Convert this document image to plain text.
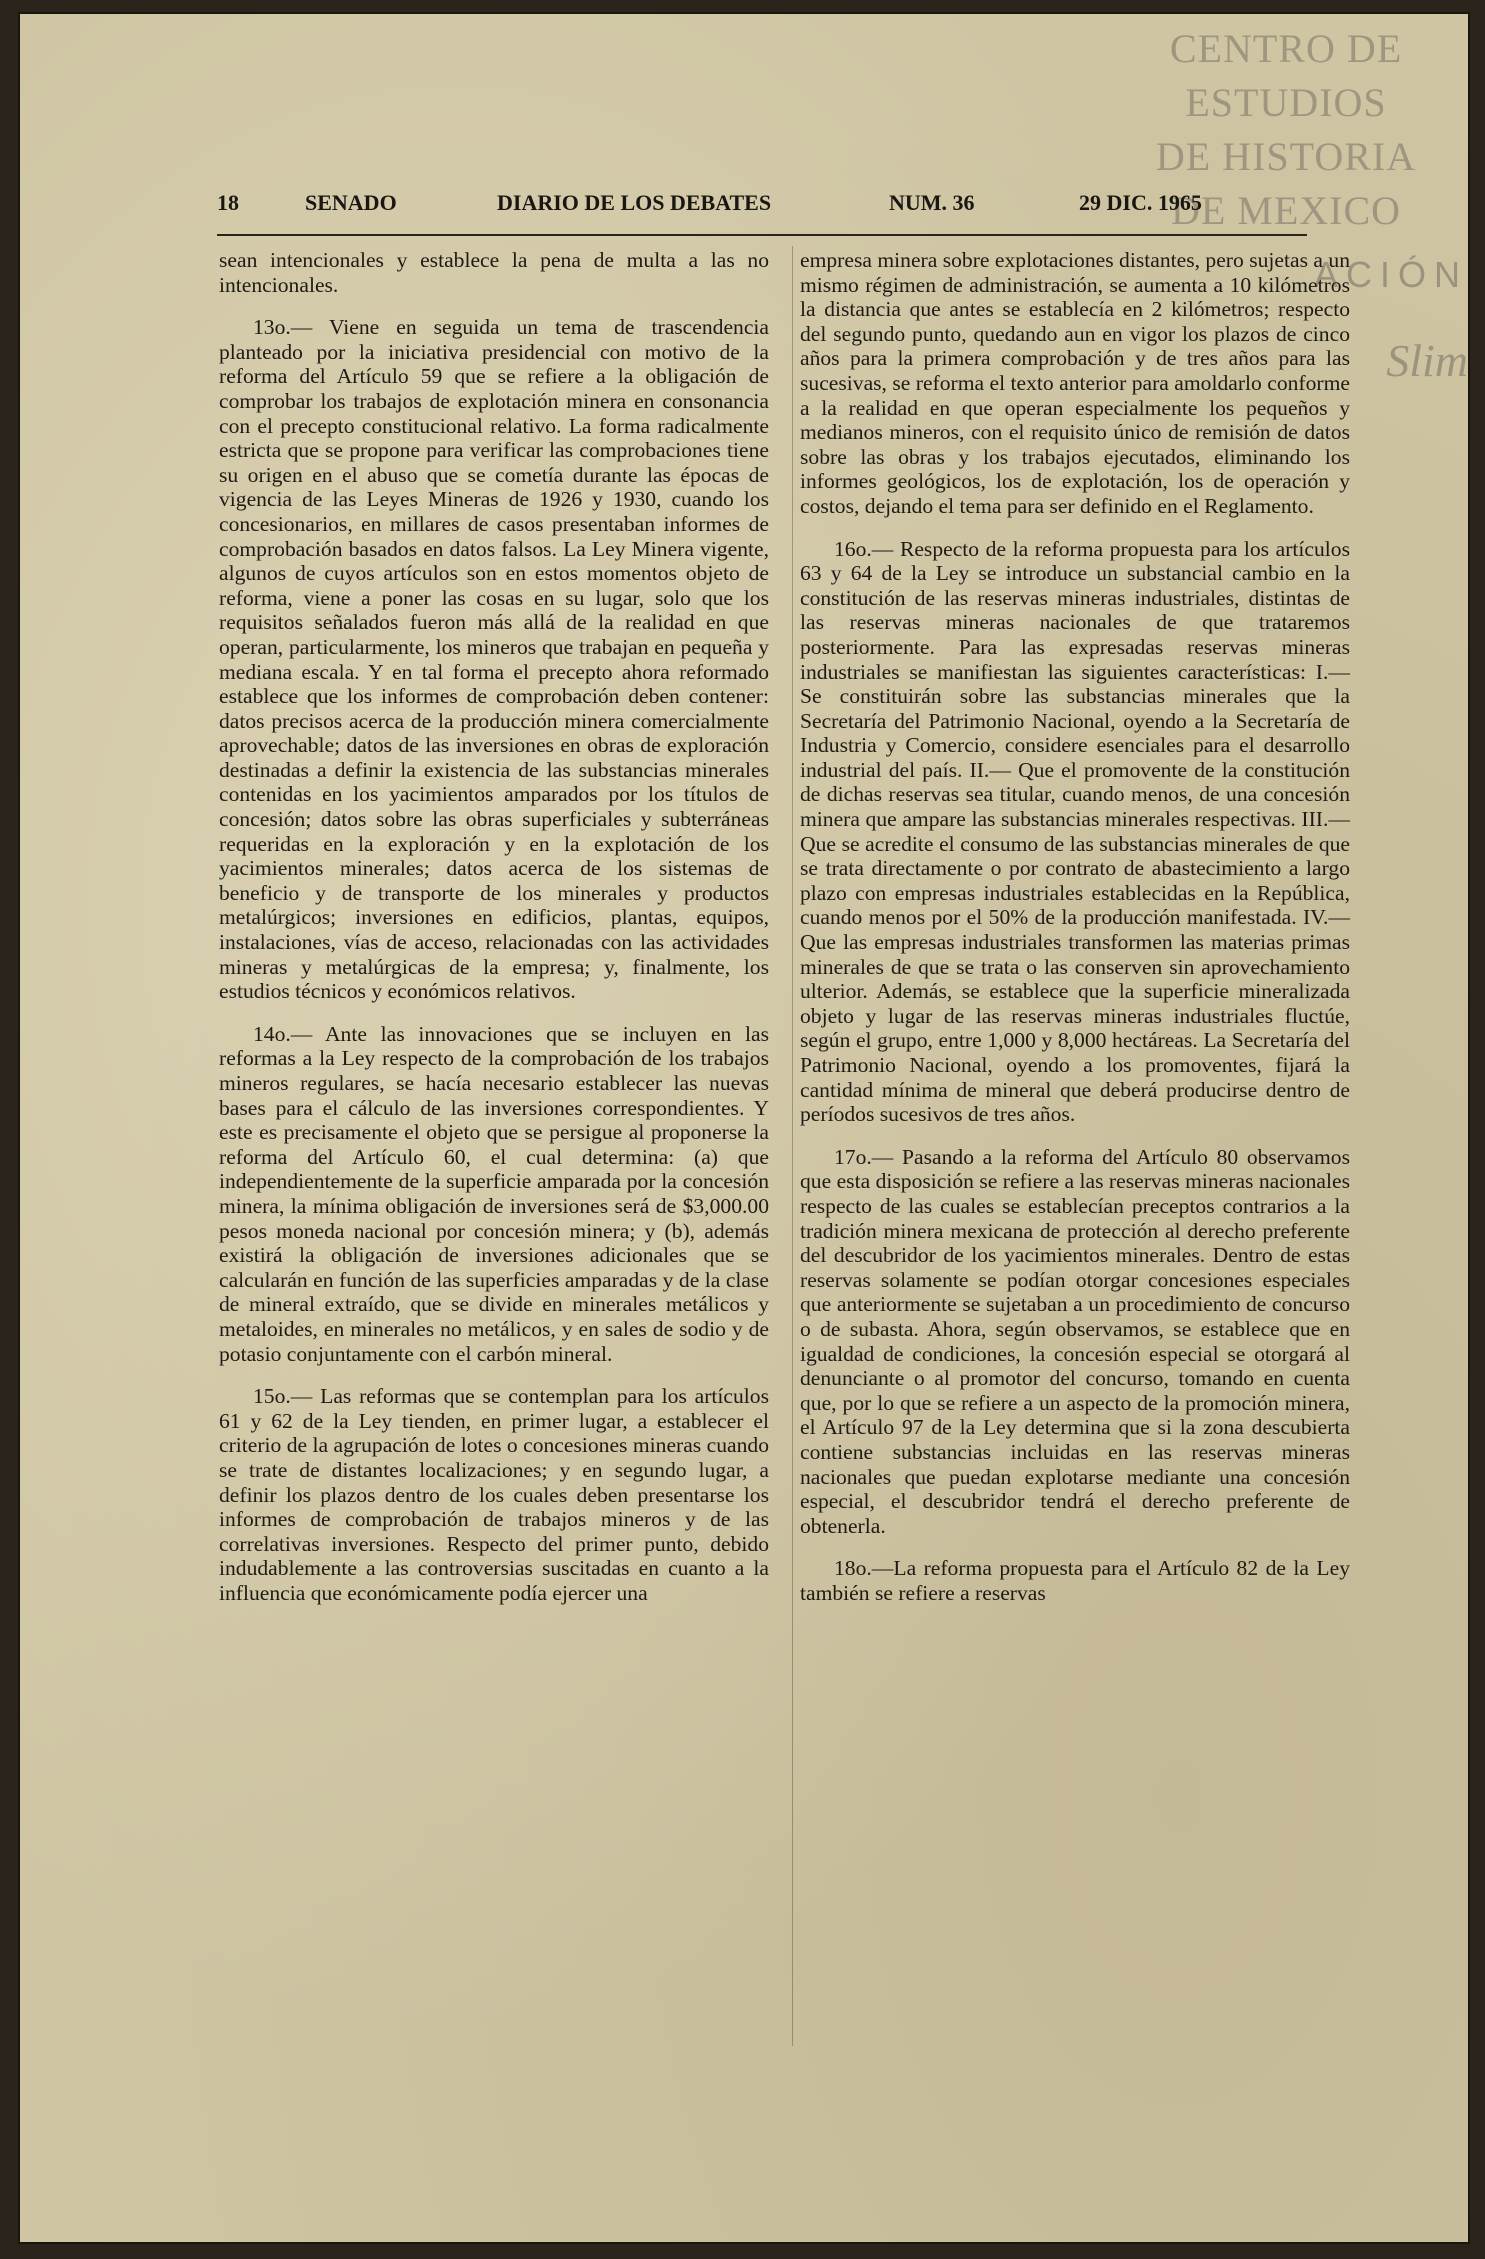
CENTRO DE
ESTUDIOS
DE HISTORIA
DE MEXICO
ACIÓN
Slim
18	SENADO	DIARIO DE LOS DEBATES	NUM. 36	29 DIC. 1965

sean intencionales y establece la pena de multa a las no intencionales.

13o.— Viene en seguida un tema de trascendencia planteado por la iniciativa presidencial con motivo de la reforma del Artículo 59 que se refiere a la obligación de comprobar los trabajos de explotación minera en consonancia con el precepto constitucional relativo. La forma radicalmente estricta que se propone para verificar las comprobaciones tiene su origen en el abuso que se cometía durante las épocas de vigencia de las Leyes Mineras de 1926 y 1930, cuando los concesionarios, en millares de casos presentaban informes de comprobación basados en datos falsos. La Ley Minera vigente, algunos de cuyos artículos son en estos momentos objeto de reforma, viene a poner las cosas en su lugar, solo que los requisitos señalados fueron más allá de la realidad en que operan, particularmente, los mineros que trabajan en pequeña y mediana escala. Y en tal forma el precepto ahora reformado establece que los informes de comprobación deben contener: datos precisos acerca de la producción minera comercialmente aprovechable; datos de las inversiones en obras de exploración destinadas a definir la existencia de las substancias minerales contenidas en los yacimientos amparados por los títulos de concesión; datos sobre las obras superficiales y subterráneas requeridas en la exploración y en la explotación de los yacimientos minerales; datos acerca de los sistemas de beneficio y de transporte de los minerales y productos metalúrgicos; inversiones en edificios, plantas, equipos, instalaciones, vías de acceso, relacionadas con las actividades mineras y metalúrgicas de la empresa; y, finalmente, los estudios técnicos y económicos relativos.

14o.— Ante las innovaciones que se incluyen en las reformas a la Ley respecto de la comprobación de los trabajos mineros regulares, se hacía necesario establecer las nuevas bases para el cálculo de las inversiones correspondientes. Y este es precisamente el objeto que se persigue al proponerse la reforma del Artículo 60, el cual determina: (a) que independientemente de la superficie amparada por la concesión minera, la mínima obligación de inversiones será de $3,000.00 pesos moneda nacional por concesión minera; y (b), además existirá la obligación de inversiones adicionales que se calcularán en función de las superficies amparadas y de la clase de mineral extraído, que se divide en minerales metálicos y metaloides, en minerales no metálicos, y en sales de sodio y de potasio conjuntamente con el carbón mineral.

15o.— Las reformas que se contemplan para los artículos 61 y 62 de la Ley tienden, en primer lugar, a establecer el criterio de la agrupación de lotes o concesiones mineras cuando se trate de distantes localizaciones; y en segundo lugar, a definir los plazos dentro de los cuales deben presentarse los informes de comprobación de trabajos mineros y de las correlativas inversiones. Respecto del primer punto, debido indudablemente a las controversias suscitadas en cuanto a la influencia que económicamente podía ejercer una

empresa minera sobre explotaciones distantes, pero sujetas a un mismo régimen de administración, se aumenta a 10 kilómetros la distancia que antes se establecía en 2 kilómetros; respecto del segundo punto, quedando aun en vigor los plazos de cinco años para la primera comprobación y de tres años para las sucesivas, se reforma el texto anterior para amoldarlo conforme a la realidad en que operan especialmente los pequeños y medianos mineros, con el requisito único de remisión de datos sobre las obras y los trabajos ejecutados, eliminando los informes geológicos, los de explotación, los de operación y costos, dejando el tema para ser definido en el Reglamento.

16o.— Respecto de la reforma propuesta para los artículos 63 y 64 de la Ley se introduce un substancial cambio en la constitución de las reservas mineras industriales, distintas de las reservas mineras nacionales de que trataremos posteriormente. Para las expresadas reservas mineras industriales se manifiestan las siguientes características: I.— Se constituirán sobre las substancias minerales que la Secretaría del Patrimonio Nacional, oyendo a la Secretaría de Industria y Comercio, considere esenciales para el desarrollo industrial del país. II.— Que el promovente de la constitución de dichas reservas sea titular, cuando menos, de una concesión minera que ampare las substancias minerales respectivas. III.— Que se acredite el consumo de las substancias minerales de que se trata directamente o por contrato de abastecimiento a largo plazo con empresas industriales establecidas en la República, cuando menos por el 50% de la producción manifestada. IV.— Que las empresas industriales transformen las materias primas minerales de que se trata o las conserven sin aprovechamiento ulterior. Además, se establece que la superficie mineralizada objeto y lugar de las reservas mineras industriales fluctúe, según el grupo, entre 1,000 y 8,000 hectáreas. La Secretaría del Patrimonio Nacional, oyendo a los promoventes, fijará la cantidad mínima de mineral que deberá producirse dentro de períodos sucesivos de tres años.

17o.— Pasando a la reforma del Artículo 80 observamos que esta disposición se refiere a las reservas mineras nacionales respecto de las cuales se establecían preceptos contrarios a la tradición minera mexicana de protección al derecho preferente del descubridor de los yacimientos minerales. Dentro de estas reservas solamente se podían otorgar concesiones especiales que anteriormente se sujetaban a un procedimiento de concurso o de subasta. Ahora, según observamos, se establece que en igualdad de condiciones, la concesión especial se otorgará al denunciante o al promotor del concurso, tomando en cuenta que, por lo que se refiere a un aspecto de la promoción minera, el Artículo 97 de la Ley determina que si la zona descubierta contiene substancias incluidas en las reservas mineras nacionales que puedan explotarse mediante una concesión especial, el descubridor tendrá el derecho preferente de obtenerla.

18o.—La reforma propuesta para el Artículo 82 de la Ley también se refiere a reservas
